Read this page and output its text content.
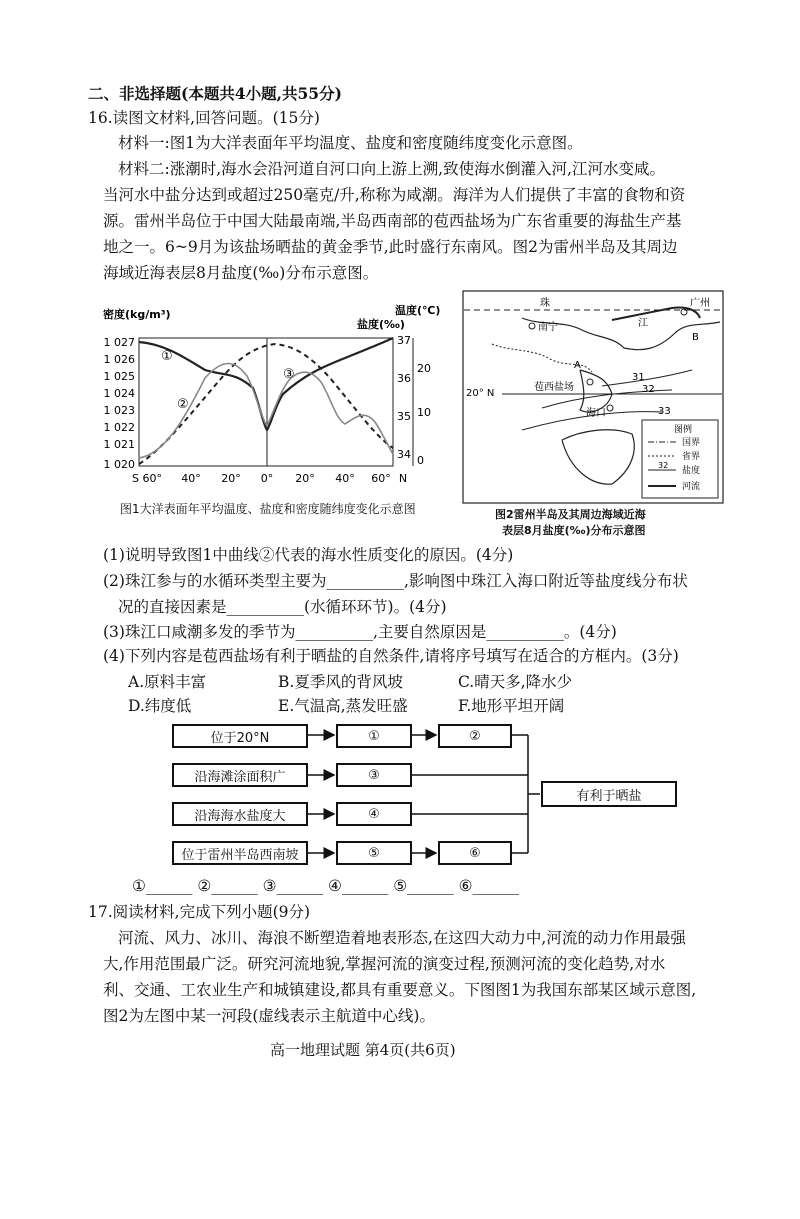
二、非选择题(本题共4小题,共55分)
16.读图文材料,回答问题。(15分)
材料一:图1为大洋表面年平均温度、盐度和密度随纬度变化示意图。
材料二:涨潮时,海水会沿河道自河口向上游上溯,致使海水倒灌入河,江河水变咸。
当河水中盐分达到或超过250毫克/升,称称为咸潮。海洋为人们提供了丰富的食物和资
源。雷州半岛位于中国大陆最南端,半岛西南部的苞西盐场为广东省重要的海盐生产基
地之一。6~9月为该盐场晒盐的黄金季节,此时盛行东南风。图2为雷州半岛及其周边
海域近海表层8月盐度(‰)分布示意图。
密度(kg/m³)	温度(℃)
盐度(‰)
1 027
1 026
1 025
1 024
1 023
1 022
1 021
1 020
37
36
35
34
20
10
0
S 60° 40° 20° 0° 20° 40° 60° N
①
②
③
图1大洋表面年平均温度、盐度和密度随纬度变化示意图
珠
江
广州
南宁
A
B
20° N
苞西盐场
海口
31
32
33
图例
国界
省界
32
盐度
河流
图2雷州半岛及其周边海域近海
表层8月盐度(‰)分布示意图
(1)说明导致图1中曲线②代表的海水性质变化的原因。(4分)
(2)珠江参与的水循环类型主要为__________,影响图中珠江入海口附近等盐度线分布状
况的直接因素是__________(水循环环节)。(4分)
(3)珠江口咸潮多发的季节为__________,主要自然原因是__________。(4分)
(4)下列内容是苞西盐场有利于晒盐的自然条件,请将序号填写在适合的方框内。(3分)
A.原料丰富	B.夏季风的背风坡	C.晴天多,降水少
D.纬度低	E.气温高,蒸发旺盛	F.地形平坦开阔
位于20°N
沿海滩涂面积广
沿海海水盐度大
位于雷州半岛西南坡
①
③
④
⑤
②
⑥
有利于晒盐
①______ ②______ ③______ ④______ ⑤______ ⑥______
17.阅读材料,完成下列小题(9分)
河流、风力、冰川、海浪不断塑造着地表形态,在这四大动力中,河流的动力作用最强
大,作用范围最广泛。研究河流地貌,掌握河流的演变过程,预测河流的变化趋势,对水
利、交通、工农业生产和城镇建设,都具有重要意义。下图图1为我国东部某区域示意图,
图2为左图中某一河段(虚线表示主航道中心线)。
高一地理试题 第4页(共6页)
